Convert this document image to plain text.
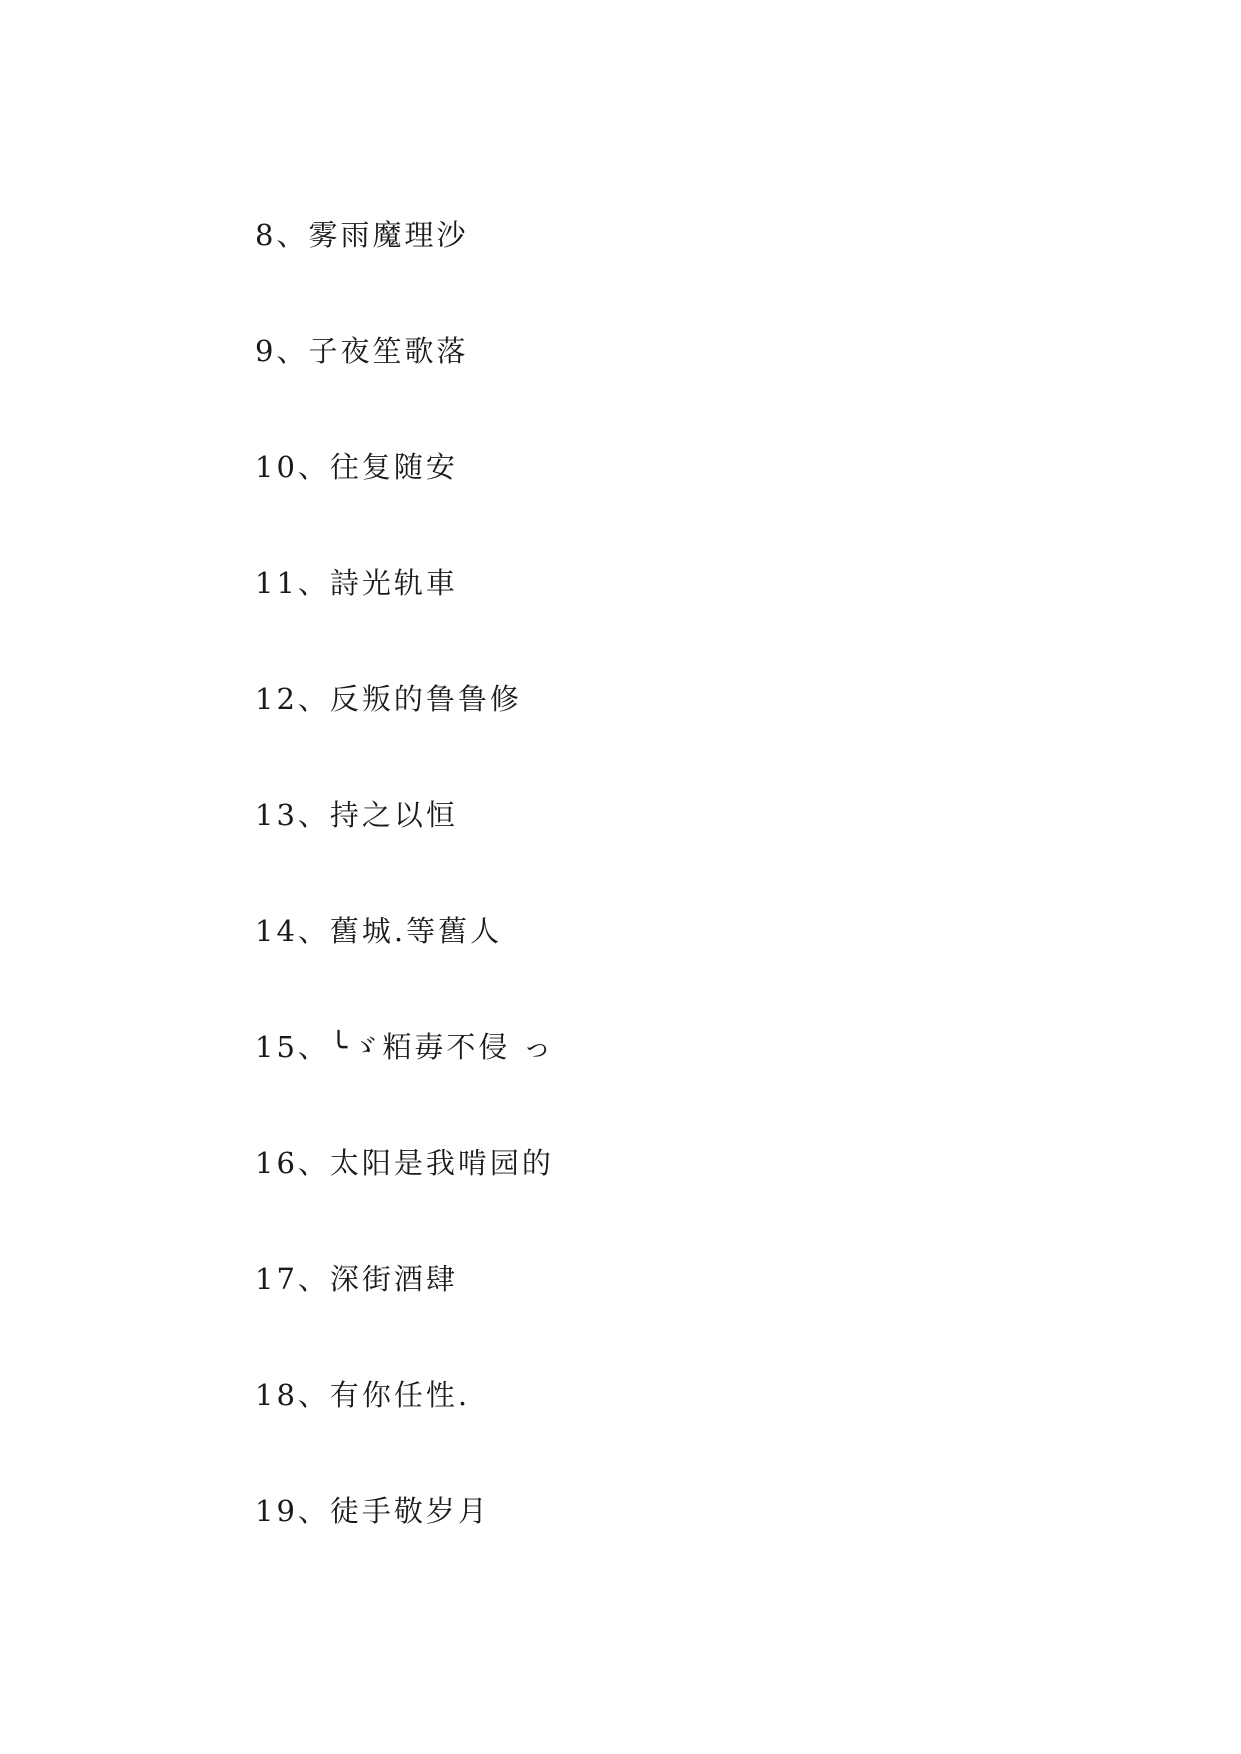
8、雾雨魔理沙
9、子夜笙歌落
10、往复随安
11、詩光轨車
12、反叛的鲁鲁修
13、持之以恒
14、舊城.等舊人
15、╰ゞ粨毐不侵 っ
16、太阳是我啃园的
17、深街酒肆
18、有你任性.
19、徒手敬岁月
